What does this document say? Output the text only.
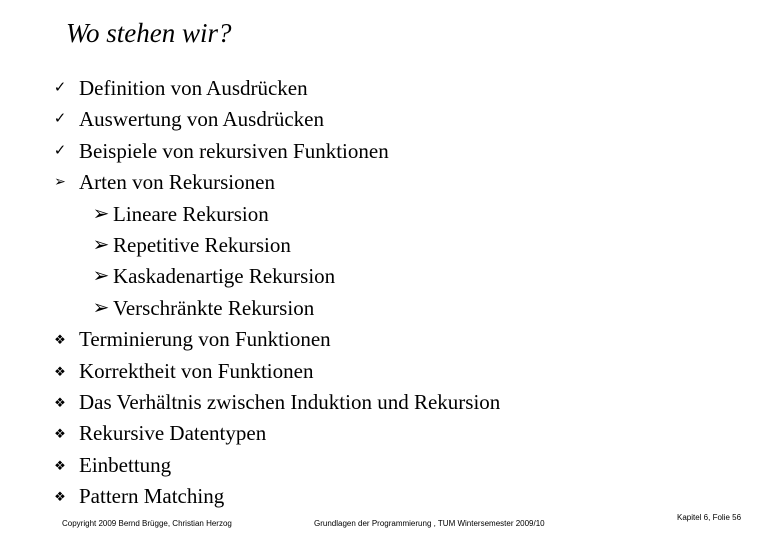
Wo stehen wir?
✓ Definition von Ausdrücken
✓ Auswertung von Ausdrücken
✓ Beispiele von rekursiven Funktionen
➢ Arten von Rekursionen
➢ Lineare Rekursion
➢ Repetitive Rekursion
➢ Kaskadenartige Rekursion
➢ Verschränkte Rekursion
❖ Terminierung von Funktionen
❖ Korrektheit von Funktionen
❖ Das Verhältnis zwischen Induktion und Rekursion
❖ Rekursive Datentypen
❖ Einbettung
❖ Pattern Matching
Copyright 2009 Bernd Brügge, Christian Herzog	Grundlagen der Programmierung , TUM Wintersemester 2009/10
Kapitel 6, Folie 56
